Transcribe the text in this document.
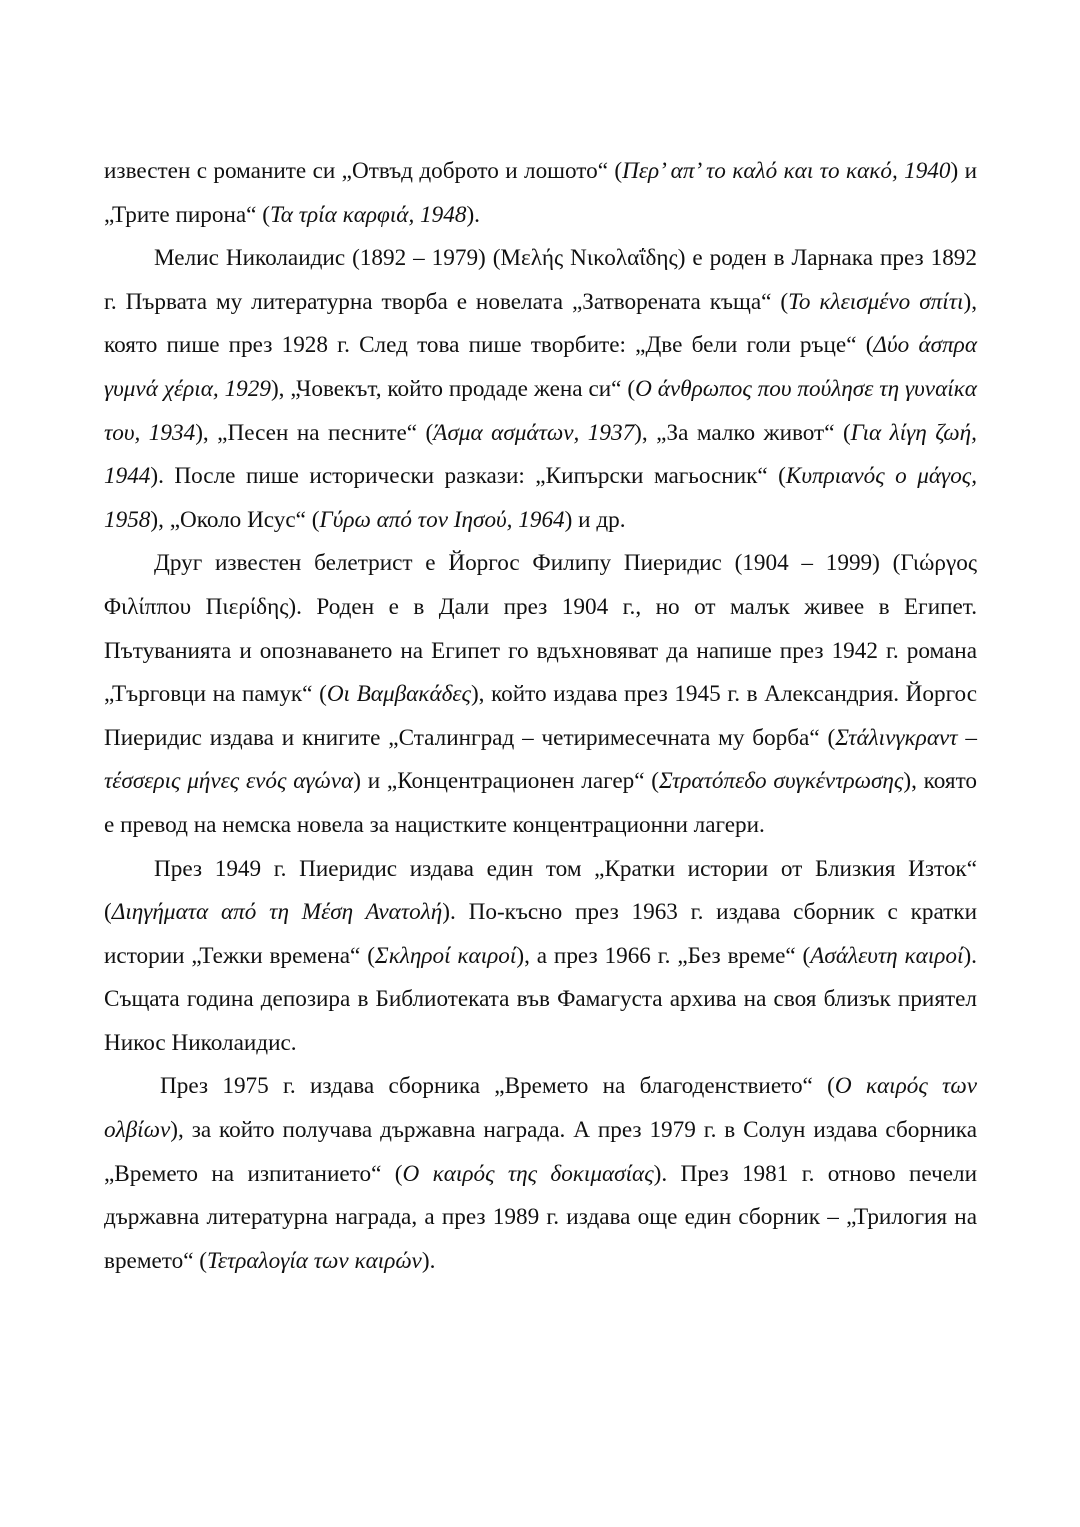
известен с романите си „Отвъд доброто и лошото“ (Περ’ απ’ το καλό και το κακό, 1940) и „Трите пирона“ (Τα τρία καρφιά, 1948).

Мелис Николаидис (1892 – 1979) (Μελής Νικολαΐδης) е роден в Ларнака през 1892 г. Първата му литературна творба е новелата „Затворената къща“ (Το κλεισμένο σπίτι), която пише през 1928 г. След това пише творбите: „Две бели голи ръце“ (Δύο άσπρα γυμνά χέρια, 1929), „Човекът, който продаде жена си“ (Ο άνθρωπος που πούλησε τη γυναίκα του, 1934), „Песен на песните“ (Άσμα ασμάτων, 1937), „За малко живот“ (Για λίγη ζωή, 1944). После пише исторически разкази: „Кипърски магьосник“ (Κυπριανός ο μάγος, 1958), „Около Исус“ (Γύρω από τον Ιησού, 1964) и др.

Друг известен белетрист е Йоргос Филипу Пиеридис (1904 – 1999) (Γιώργος Φιλίππου Πιερίδης). Роден е в Дали през 1904 г., но от малък живее в Египет. Пътуванията и опознаването на Египет го вдъхновяват да напише през 1942 г. романа „Търговци на памук“ (Οι Βαμβακάδες), който издава през 1945 г. в Александрия. Йоргос Пиеридис издава и книгите „Сталинград – четиримесечната му борба“ (Στάλινγκραντ – τέσσερις μήνες ενός αγώνα) и „Концентрационен лагер“ (Στρατόπεδο συγκέντρωσης), която е превод на немска новела за нацистките концентрационни лагери.

През 1949 г. Пиеридис издава един том „Кратки истории от Близкия Изток“ (Διηγήματα από τη Μέση Ανατολή). По-късно през 1963 г. издава сборник с кратки истории „Тежки времена“ (Σκληροί καιροί), а през 1966 г. „Без време“ (Ασάλευτη καιροί). Същата година депозира в Библиотеката във Фамагуста архива на своя близък приятел Никос Николаидис.

През 1975 г. издава сборника „Времето на благоденствието“ (Ο καιρός των ολβίων), за който получава държавна награда. А през 1979 г. в Солун издава сборника „Времето на изпитанието“ (Ο καιρός της δοκιμασίας). През 1981 г. отново печели държавна литературна награда, а през 1989 г. издава още един сборник – „Трилогия на времето“ (Τετραλογία των καιρών).
